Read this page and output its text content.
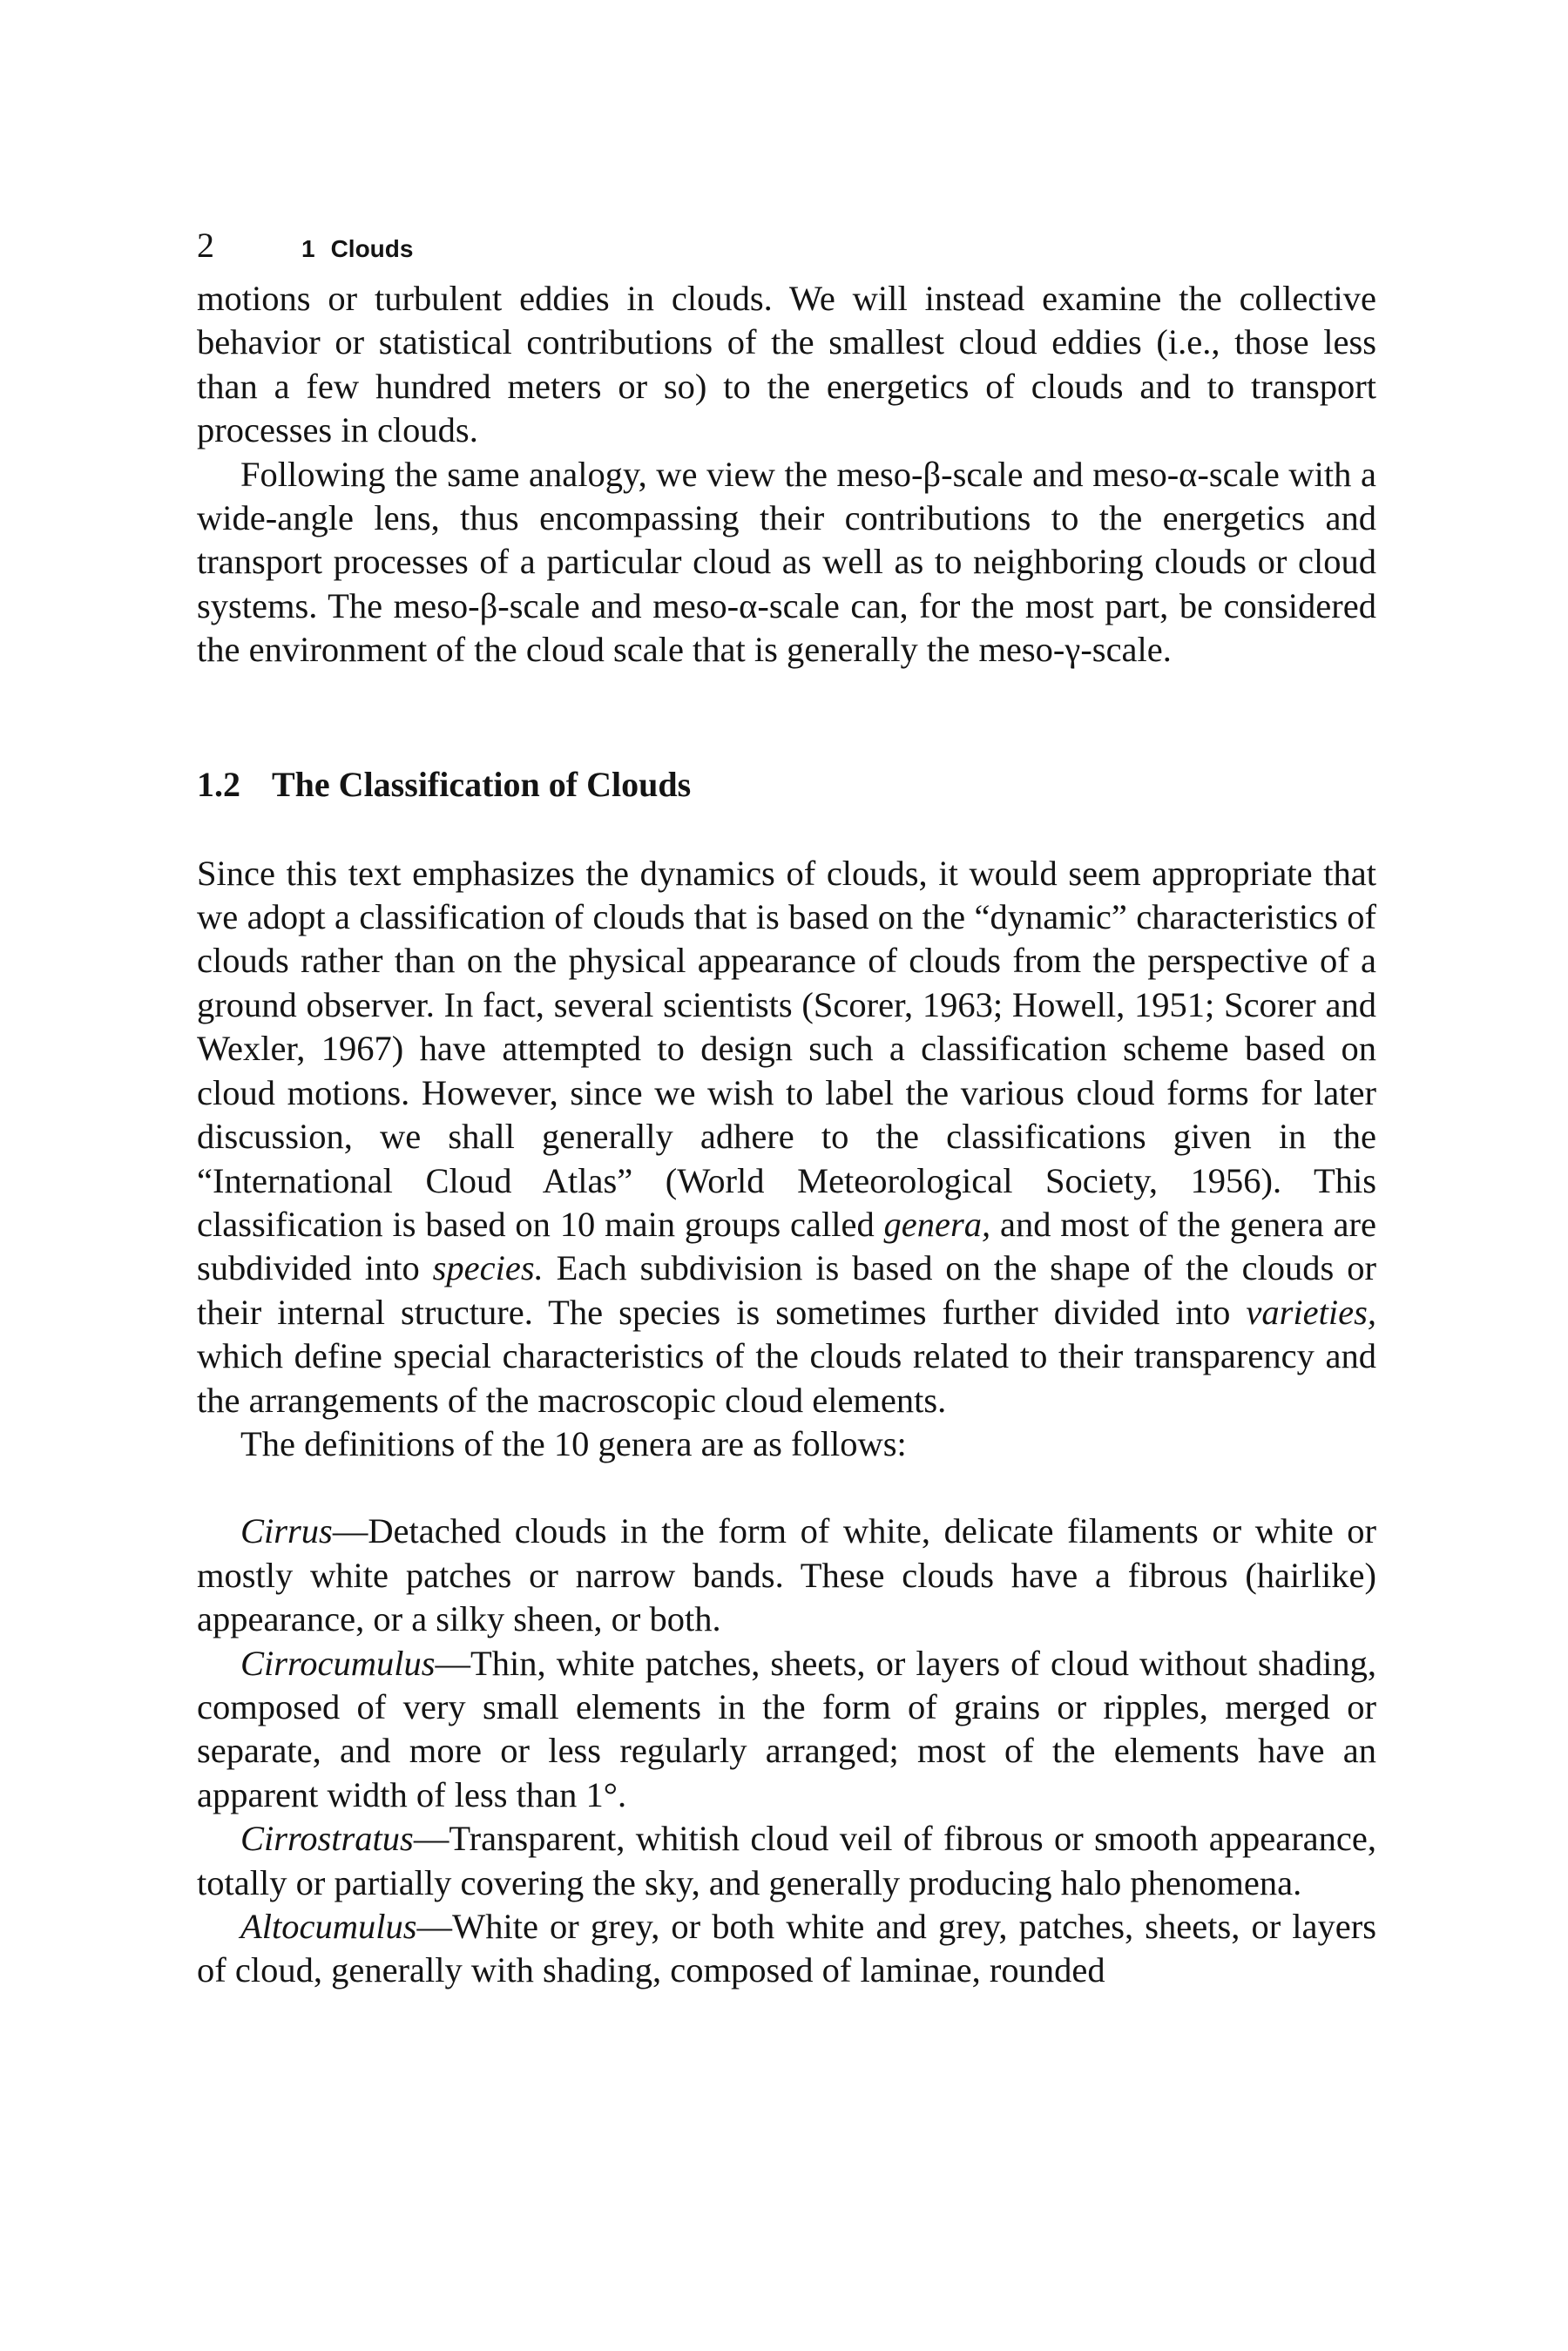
2	1 Clouds

motions or turbulent eddies in clouds. We will instead examine the collective behavior or statistical contributions of the smallest cloud eddies (i.e., those less than a few hundred meters or so) to the energetics of clouds and to transport processes in clouds.

Following the same analogy, we view the meso-β-scale and meso-α-scale with a wide-angle lens, thus encompassing their contributions to the energetics and transport processes of a particular cloud as well as to neighboring clouds or cloud systems. The meso-β-scale and meso-α-scale can, for the most part, be considered the environment of the cloud scale that is generally the meso-γ-scale.

1.2 The Classification of Clouds

Since this text emphasizes the dynamics of clouds, it would seem appropriate that we adopt a classification of clouds that is based on the “dynamic” characteristics of clouds rather than on the physical appearance of clouds from the perspective of a ground observer. In fact, several scientists (Scorer, 1963; Howell, 1951; Scorer and Wexler, 1967) have attempted to design such a classification scheme based on cloud motions. However, since we wish to label the various cloud forms for later discussion, we shall generally adhere to the classifications given in the “International Cloud Atlas” (World Meteorological Society, 1956). This classification is based on 10 main groups called genera, and most of the genera are subdivided into species. Each subdivision is based on the shape of the clouds or their internal structure. The species is sometimes further divided into varieties, which define special characteristics of the clouds related to their transparency and the arrangements of the macroscopic cloud elements.

The definitions of the 10 genera are as follows:

Cirrus—Detached clouds in the form of white, delicate filaments or white or mostly white patches or narrow bands. These clouds have a fibrous (hairlike) appearance, or a silky sheen, or both.

Cirrocumulus—Thin, white patches, sheets, or layers of cloud without shading, composed of very small elements in the form of grains or ripples, merged or separate, and more or less regularly arranged; most of the elements have an apparent width of less than 1°.

Cirrostratus—Transparent, whitish cloud veil of fibrous or smooth appearance, totally or partially covering the sky, and generally producing halo phenomena.

Altocumulus—White or grey, or both white and grey, patches, sheets, or layers of cloud, generally with shading, composed of laminae, rounded
